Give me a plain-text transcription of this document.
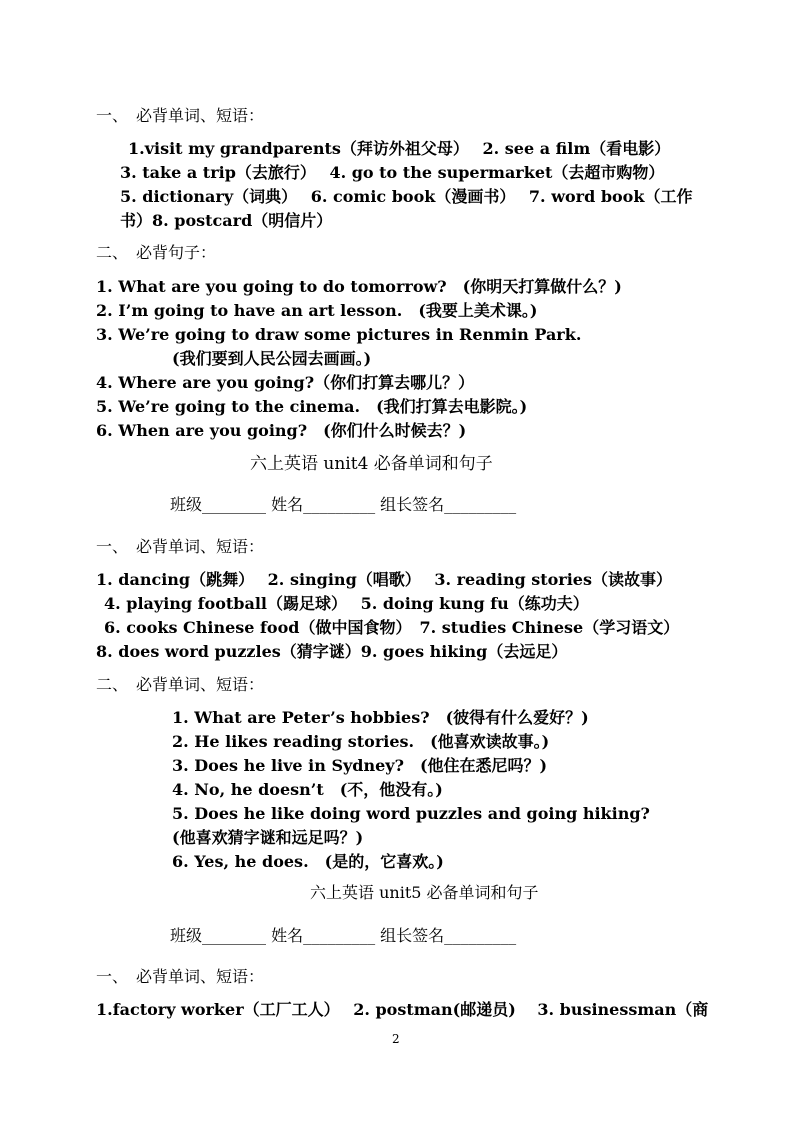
一、　必背单词、短语：
1.visit my grandparents（拜访外祖父母）　 2. see a film（看电影）
3. take a trip（去旅行）　 4. go to the supermarket（去超市购物）
5. dictionary（词典）　 6. comic book（漫画书）　 7. word book（工作
书）8. postcard（明信片）
二、　必背句子：
1. What are you going to do tomorrow?　(你明天打算做什么？)
2. I’m going to have an art lesson.　(我要上美术课。)
3. We’re going to draw some pictures in Renmin Park.
(我们要到人民公园去画画。)
4. Where are you going?（你们打算去哪儿？）
5. We’re going to the cinema.　(我们打算去电影院。)
6. When are you going?　(你们什么时候去？)
六上英语 unit4 必备单词和句子
班级________ 姓名_________ 组长签名_________
一、　必背单词、短语：
1. dancing（跳舞）　 2. singing（唱歌）　 3. reading stories（读故事）
4. playing football（踢足球）　 5. doing kung fu（练功夫）
6. cooks Chinese food（做中国食物）　7. studies Chinese（学习语文）
8. does word puzzles（猜字谜）9. goes hiking（去远足）
二、　必背单词、短语：
1. What are Peter’s hobbies?　(彼得有什么爱好？)
2. He likes reading stories.　(他喜欢读故事。)
3. Does he live in Sydney?　(他住在悉尼吗？)
4. No, he doesn’t　(不，他没有。)
5. Does he like doing word puzzles and going hiking?
(他喜欢猜字谜和远足吗？)
6. Yes, he does.　(是的，它喜欢。)
六上英语 unit5 必备单词和句子
班级________ 姓名_________ 组长签名_________
一、　必背单词、短语：
1.factory worker（工厂工人）　 2. postman(邮递员)　 3. businessman（商
2
